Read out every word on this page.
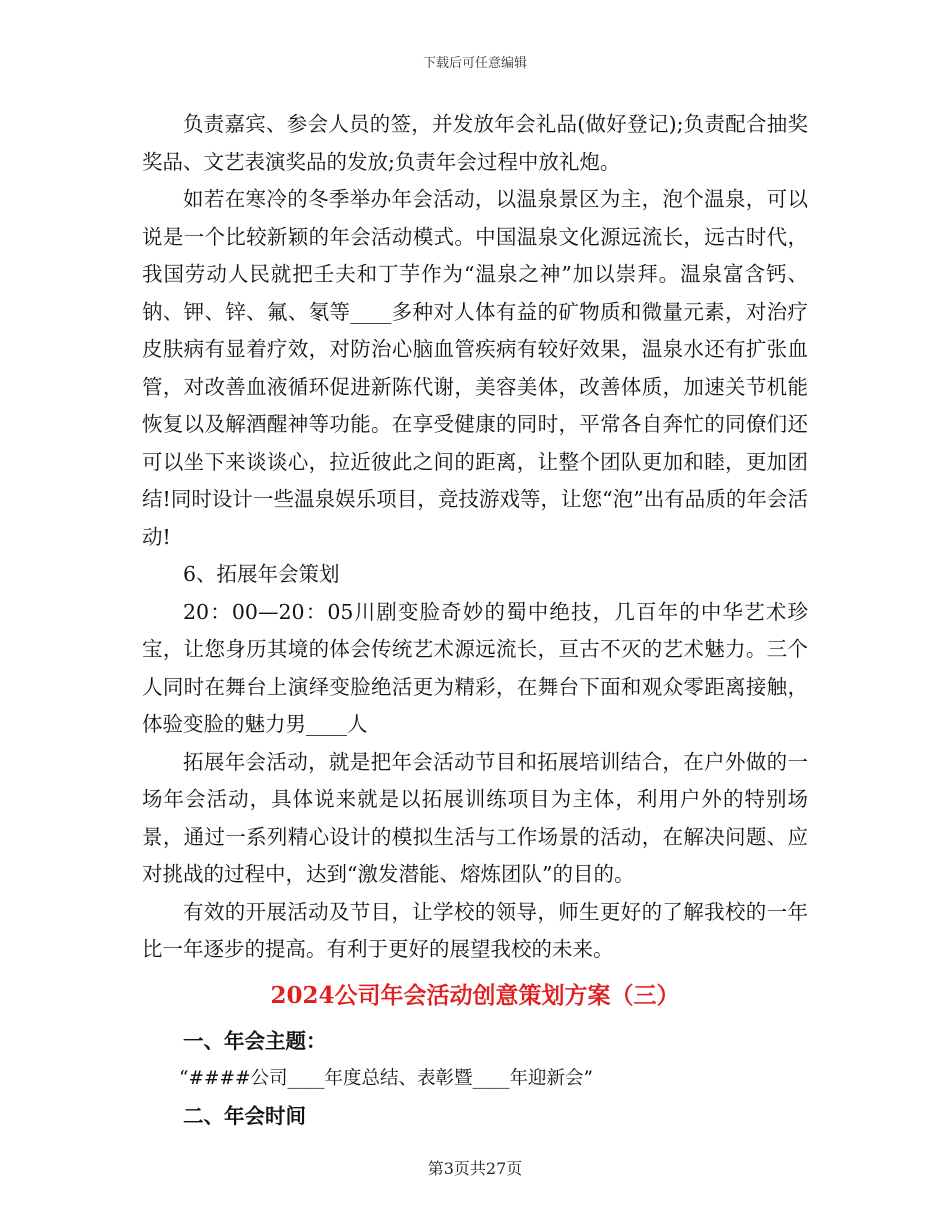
下载后可任意编辑

负责嘉宾、参会人员的签，并发放年会礼品(做好登记);负责配合抽奖奖品、文艺表演奖品的发放;负责年会过程中放礼炮。

如若在寒冷的冬季举办年会活动，以温泉景区为主，泡个温泉，可以说是一个比较新颖的年会活动模式。中国温泉文化源远流长，远古时代，我国劳动人民就把壬夫和丁芋作为“温泉之神”加以崇拜。温泉富含钙、钠、钾、锌、氟、氡等____多种对人体有益的矿物质和微量元素，对治疗皮肤病有显着疗效，对防治心脑血管疾病有较好效果，温泉水还有扩张血管，对改善血液循环促进新陈代谢，美容美体，改善体质，加速关节机能恢复以及解酒醒神等功能。在享受健康的同时，平常各自奔忙的同僚们还可以坐下来谈谈心，拉近彼此之间的距离，让整个团队更加和睦，更加团结!同时设计一些温泉娱乐项目，竞技游戏等，让您“泡”出有品质的年会活动!

6、拓展年会策划

20：00—20：05川剧变脸奇妙的蜀中绝技，几百年的中华艺术珍宝，让您身历其境的体会传统艺术源远流长，亘古不灭的艺术魅力。三个人同时在舞台上演绎变脸绝活更为精彩，在舞台下面和观众零距离接触，体验变脸的魅力男____人

拓展年会活动，就是把年会活动节目和拓展培训结合，在户外做的一场年会活动，具体说来就是以拓展训练项目为主体，利用户外的特别场景，通过一系列精心设计的模拟生活与工作场景的活动，在解决问题、应对挑战的过程中，达到“激发潜能、熔炼团队”的目的。

有效的开展活动及节目，让学校的领导，师生更好的了解我校的一年比一年逐步的提高。有利于更好的展望我校的未来。

2024公司年会活动创意策划方案（三）

一、年会主题：

“####公司____年度总结、表彰暨____年迎新会”

二、年会时间

第3页共27页
